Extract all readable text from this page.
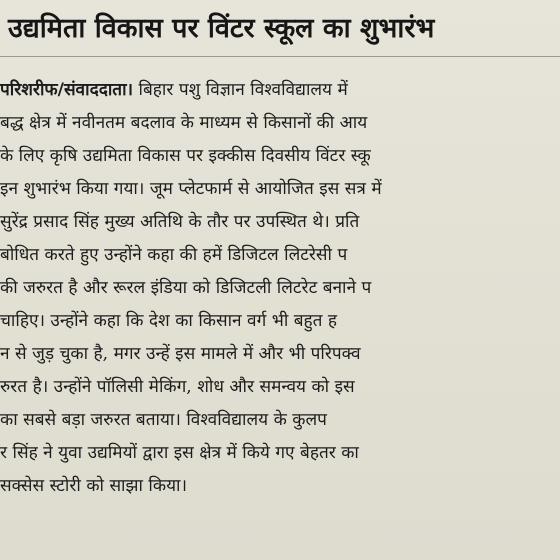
उद्यमिता विकास पर विंटर स्कूल का शुभारंभ
परिशरीफ/संवाददाता। बिहार पशु विज्ञान विश्वविद्यालय में
बद्ध क्षेत्र में नवीनतम बदलाव के माध्यम से किसानों की आय
के लिए कृषि उद्यमिता विकास पर इक्कीस दिवसीय विंटर स्कू
इन शुभारंभ किया गया। जूम प्लेटफार्म से आयोजित इस सत्र में
सुरेंद्र प्रसाद सिंह मुख्य अतिथि के तौर पर उपस्थित थे। प्रति
बोधित करते हुए उन्होंने कहा की हमें डिजिटल लिटरेसी प
की जरुरत है और रूरल इंडिया को डिजिटली लिटरेट बनाने प
चाहिए। उन्होंने कहा कि देश का किसान वर्ग भी बहुत ह
न से जुड़ चुका है, मगर उन्हें इस मामले में और भी परिपक्व
रुरत है। उन्होंने पॉलिसी मेकिंग, शोध और समन्वय को इस
का सबसे बड़ा जरुरत बताया। विश्वविद्यालय के कुलप
र सिंह ने युवा उद्यमियों द्वारा इस क्षेत्र में किये गए बेहतर का
सक्सेस स्टोरी को साझा किया।
